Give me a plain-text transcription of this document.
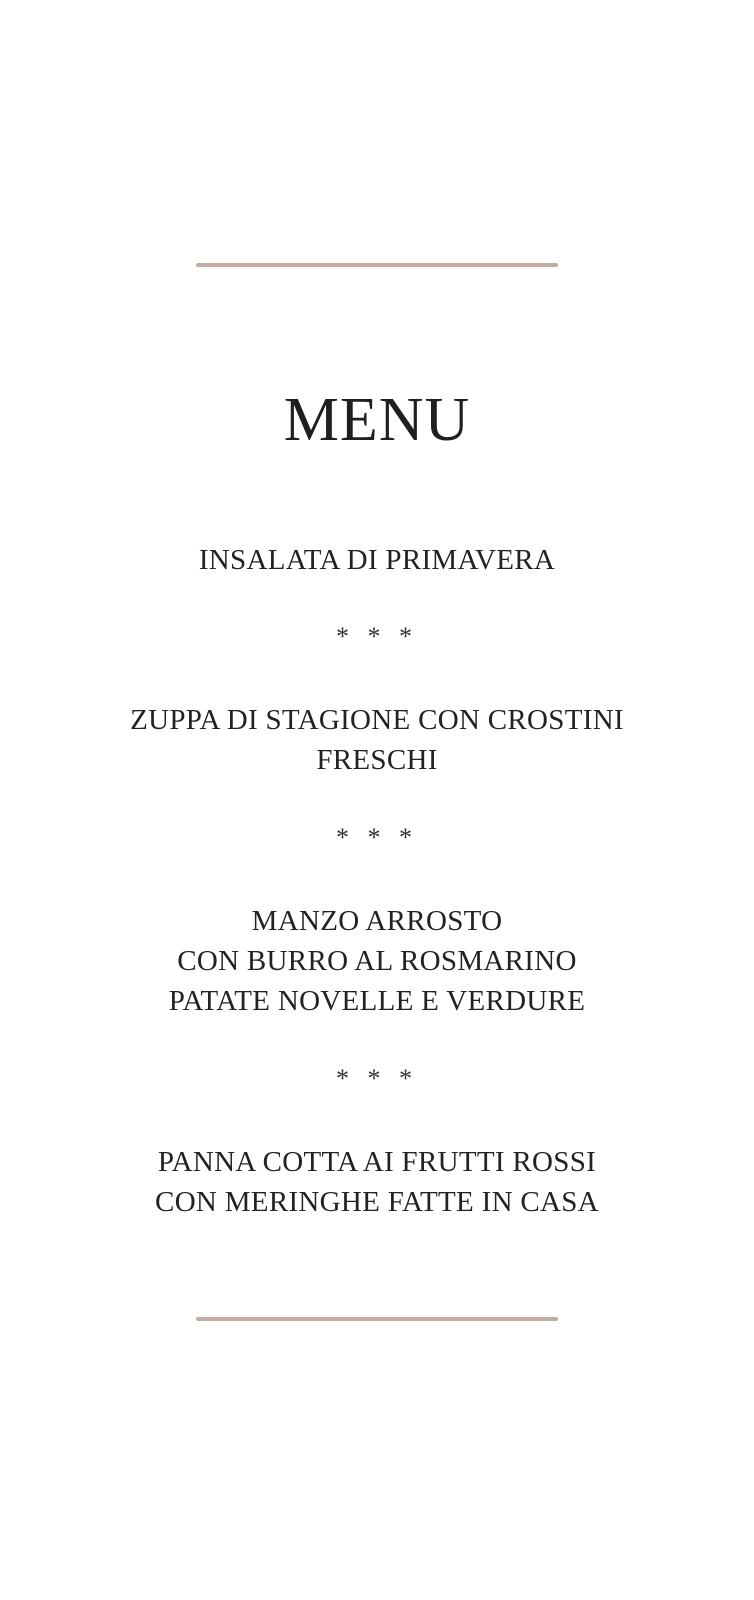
MENU
INSALATA DI PRIMAVERA
* * *
ZUPPA DI STAGIONE CON CROSTINI
FRESCHI
* * *
MANZO ARROSTO
CON BURRO AL ROSMARINO
PATATE NOVELLE E VERDURE
* * *
PANNA COTTA AI FRUTTI ROSSI
CON MERINGHE FATTE IN CASA
